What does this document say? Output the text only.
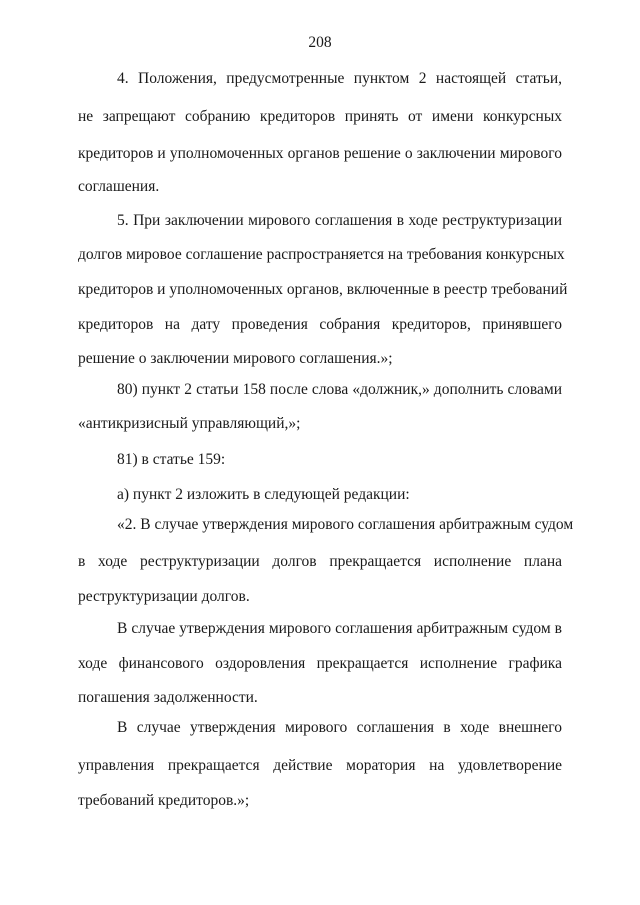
208
4. Положения, предусмотренные пунктом 2 настоящей статьи,
не запрещают собранию кредиторов принять от имени конкурсных
кредиторов и уполномоченных органов решение о заключении мирового
соглашения.
5. При заключении мирового соглашения в ходе реструктуризации
долгов мировое соглашение распространяется на требования конкурсных
кредиторов и уполномоченных органов, включенные в реестр требований
кредиторов на дату проведения собрания кредиторов, принявшего
решение о заключении мирового соглашения.»;
80) пункт 2 статьи 158 после слова «должник,» дополнить словами
«антикризисный управляющий,»;
81) в статье 159:
а) пункт 2 изложить в следующей редакции:
«2. В случае утверждения мирового соглашения арбитражным судом
в ходе реструктуризации долгов прекращается исполнение плана
реструктуризации долгов.
В случае утверждения мирового соглашения арбитражным судом в
ходе финансового оздоровления прекращается исполнение графика
погашения задолженности.
В случае утверждения мирового соглашения в ходе внешнего
управления прекращается действие моратория на удовлетворение
требований кредиторов.»;
